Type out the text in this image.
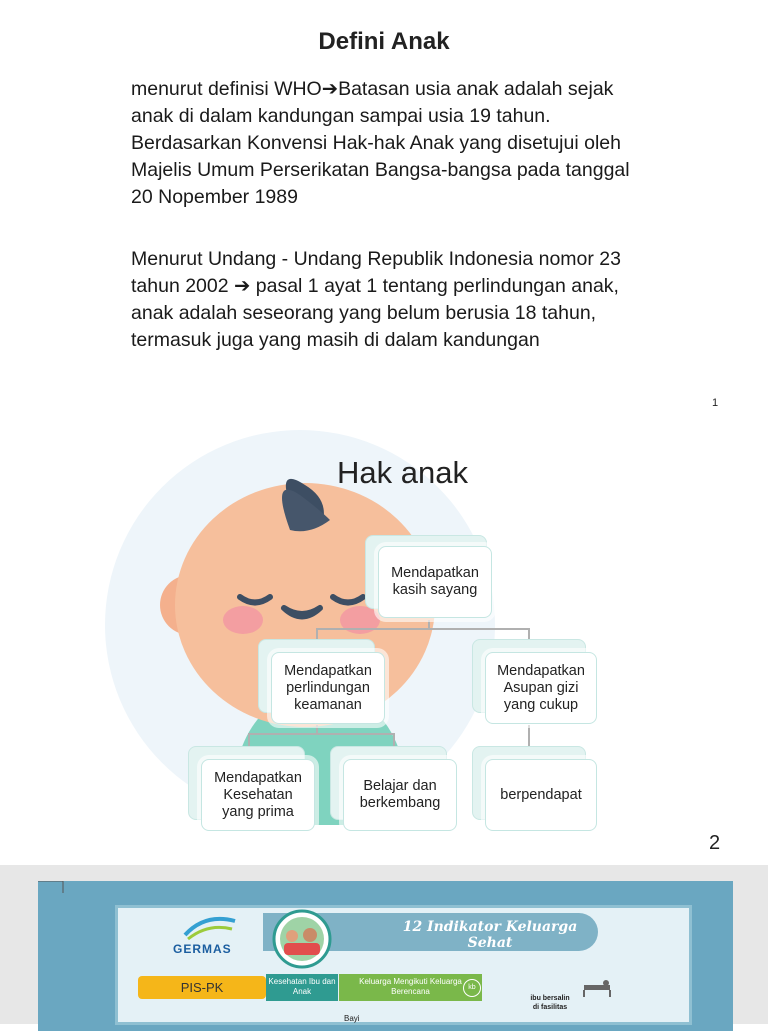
Defini Anak
menurut definisi WHO➔Batasan usia anak adalah sejak anak di dalam kandungan sampai usia 19 tahun. Berdasarkan Konvensi Hak-hak Anak yang disetujui oleh Majelis Umum Perserikatan Bangsa-bangsa pada tanggal 20 Nopember 1989
Menurut Undang - Undang Republik Indonesia nomor 23 tahun 2002 ➔ pasal 1 ayat 1 tentang perlindungan anak, anak adalah seseorang yang belum berusia 18 tahun, termasuk juga yang masih di dalam kandungan
1
Hak anak
Mendapatkan kasih sayang
Mendapatkan perlindungan keamanan
Mendapatkan Asupan gizi yang cukup
Mendapatkan Kesehatan yang prima
Belajar dan berkembang
berpendapat
2
GERMAS
12 Indikator Keluarga Sehat
PIS-PK	Kesehatan Ibu dan Anak
Keluarga Mengikuti Keluarga Berencana	kb
ibu bersalin di fasilitas
Bayi
